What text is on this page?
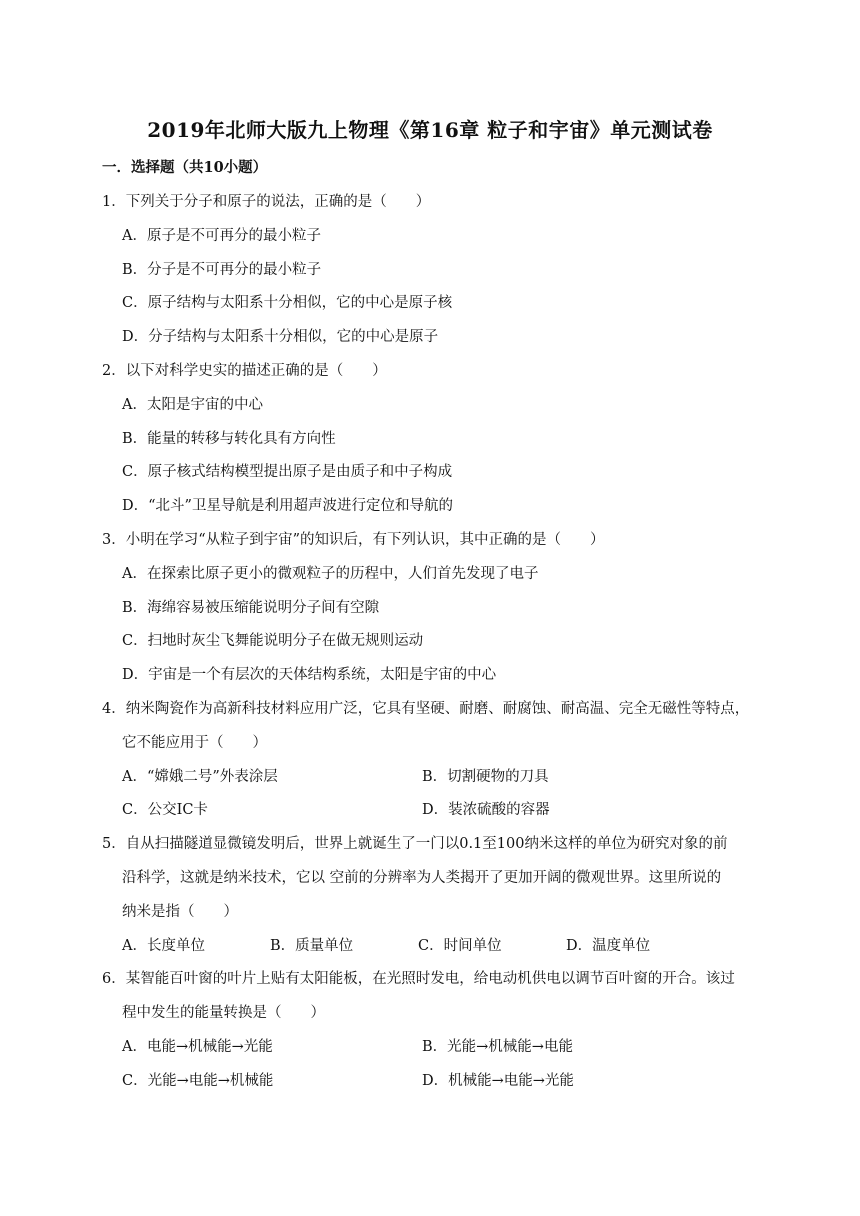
2019年北师大版九上物理《第16章 粒子和宇宙》单元测试卷
一．选择题（共10小题）
1．下列关于分子和原子的说法，正确的是（　　）
A．原子是不可再分的最小粒子
B．分子是不可再分的最小粒子
C．原子结构与太阳系十分相似，它的中心是原子核
D．分子结构与太阳系十分相似，它的中心是原子
2．以下对科学史实的描述正确的是（　　）
A．太阳是宇宙的中心
B．能量的转移与转化具有方向性
C．原子核式结构模型提出原子是由质子和中子构成
D．“北斗”卫星导航是利用超声波进行定位和导航的
3．小明在学习“从粒子到宇宙”的知识后，有下列认识，其中正确的是（　　）
A．在探索比原子更小的微观粒子的历程中，人们首先发现了电子
B．海绵容易被压缩能说明分子间有空隙
C．扫地时灰尘飞舞能说明分子在做无规则运动
D．宇宙是一个有层次的天体结构系统，太阳是宇宙的中心
4．纳米陶瓷作为高新科技材料应用广泛，它具有坚硬、耐磨、耐腐蚀、耐高温、完全无磁性等特点，
它不能应用于（　　）
A．“嫦娥二号”外表涂层	B．切割硬物的刀具
C．公交IC卡	D．装浓硫酸的容器
5．自从扫描隧道显微镜发明后，世界上就诞生了一门以0.1至100纳米这样的单位为研究对象的前
沿科学，这就是纳米技术，它以 空前的分辨率为人类揭开了更加开阔的微观世界。这里所说的
纳米是指（　　）
A．长度单位	B．质量单位	C．时间单位	D．温度单位
6．某智能百叶窗的叶片上贴有太阳能板，在光照时发电，给电动机供电以调节百叶窗的开合。该过
程中发生的能量转换是（　　）
A．电能→机械能→光能	B．光能→机械能→电能
C．光能→电能→机械能	D．机械能→电能→光能
